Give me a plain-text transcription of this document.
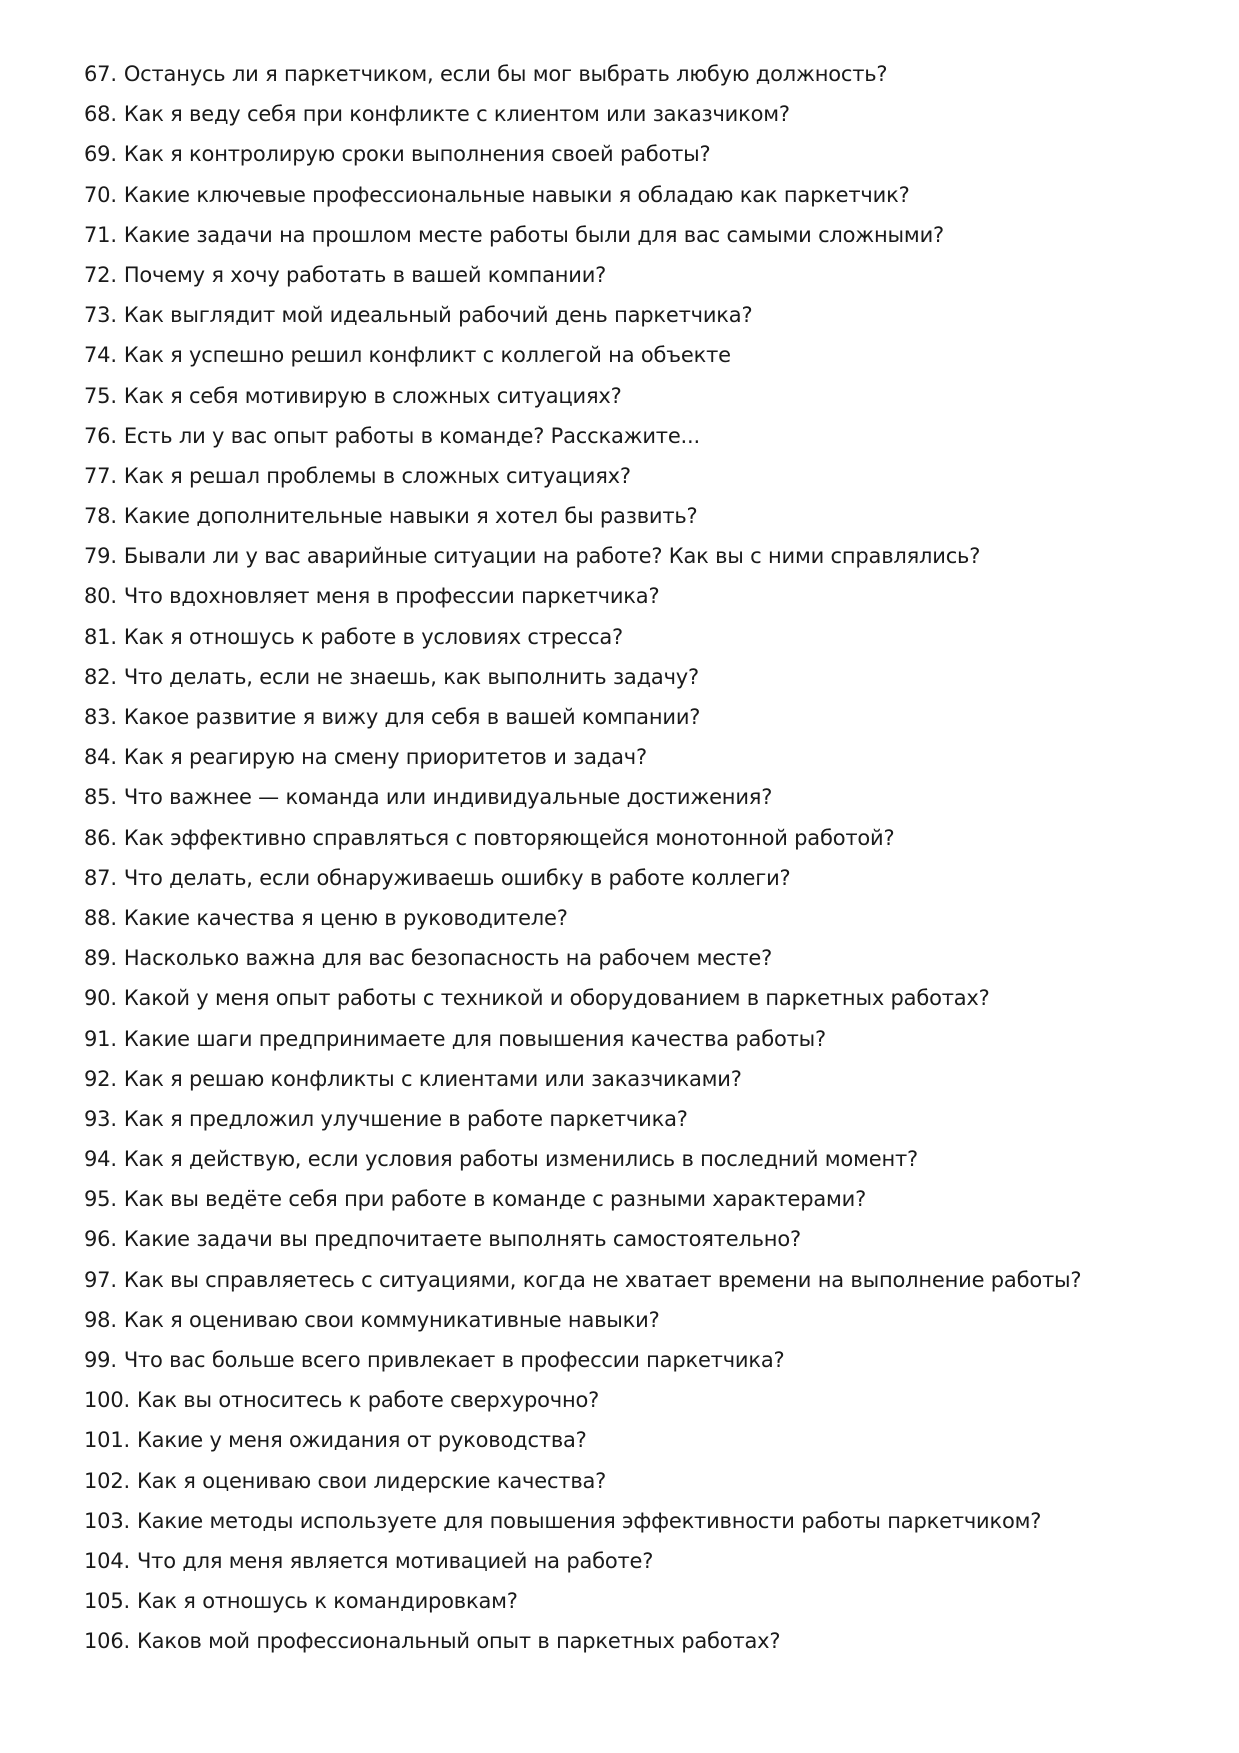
67. Останусь ли я паркетчиком, если бы мог выбрать любую должность?
68. Как я веду себя при конфликте с клиентом или заказчиком?
69. Как я контролирую сроки выполнения своей работы?
70. Какие ключевые профессиональные навыки я обладаю как паркетчик?
71. Какие задачи на прошлом месте работы были для вас самыми сложными?
72. Почему я хочу работать в вашей компании?
73. Как выглядит мой идеальный рабочий день паркетчика?
74. Как я успешно решил конфликт с коллегой на объекте
75. Как я себя мотивирую в сложных ситуациях?
76. Есть ли у вас опыт работы в команде? Расскажите...
77. Как я решал проблемы в сложных ситуациях?
78. Какие дополнительные навыки я хотел бы развить?
79. Бывали ли у вас аварийные ситуации на работе? Как вы с ними справлялись?
80. Что вдохновляет меня в профессии паркетчика?
81. Как я отношусь к работе в условиях стресса?
82. Что делать, если не знаешь, как выполнить задачу?
83. Какое развитие я вижу для себя в вашей компании?
84. Как я реагирую на смену приоритетов и задач?
85. Что важнее — команда или индивидуальные достижения?
86. Как эффективно справляться с повторяющейся монотонной работой?
87. Что делать, если обнаруживаешь ошибку в работе коллеги?
88. Какие качества я ценю в руководителе?
89. Насколько важна для вас безопасность на рабочем месте?
90. Какой у меня опыт работы с техникой и оборудованием в паркетных работах?
91. Какие шаги предпринимаете для повышения качества работы?
92. Как я решаю конфликты с клиентами или заказчиками?
93. Как я предложил улучшение в работе паркетчика?
94. Как я действую, если условия работы изменились в последний момент?
95. Как вы ведёте себя при работе в команде с разными характерами?
96. Какие задачи вы предпочитаете выполнять самостоятельно?
97. Как вы справляетесь с ситуациями, когда не хватает времени на выполнение работы?
98. Как я оцениваю свои коммуникативные навыки?
99. Что вас больше всего привлекает в профессии паркетчика?
100. Как вы относитесь к работе сверхурочно?
101. Какие у меня ожидания от руководства?
102. Как я оцениваю свои лидерские качества?
103. Какие методы используете для повышения эффективности работы паркетчиком?
104. Что для меня является мотивацией на работе?
105. Как я отношусь к командировкам?
106. Каков мой профессиональный опыт в паркетных работах?
